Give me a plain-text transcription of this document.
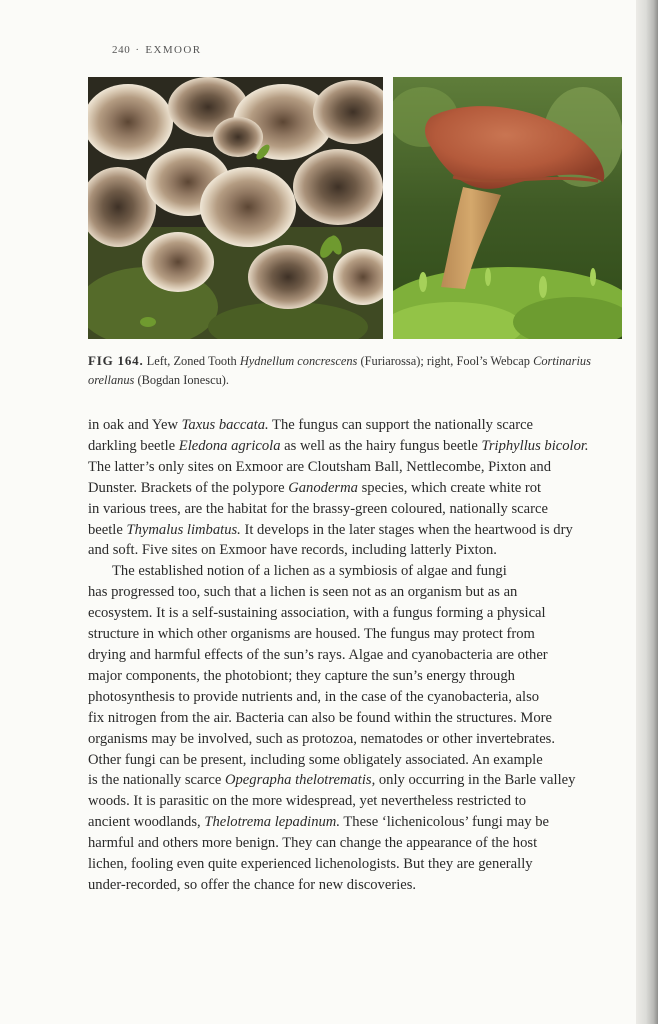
240 · EXMOOR
FIG 164. Left, Zoned Tooth Hydnellum concrescens (Furiarossa); right, Fool’s Webcap Cortinarius
orellanus (Bogdan Ionescu).
in oak and Yew Taxus baccata. The fungus can support the nationally scarce
darkling beetle Eledona agricola as well as the hairy fungus beetle Triphyllus bicolor.
The latter’s only sites on Exmoor are Cloutsham Ball, Nettlecombe, Pixton and
Dunster. Brackets of the polypore Ganoderma species, which create white rot
in various trees, are the habitat for the brassy-green coloured, nationally scarce
beetle Thymalus limbatus. It develops in the later stages when the heartwood is dry
and soft. Five sites on Exmoor have records, including latterly Pixton.
The established notion of a lichen as a symbiosis of algae and fungi
has progressed too, such that a lichen is seen not as an organism but as an
ecosystem. It is a self-sustaining association, with a fungus forming a physical
structure in which other organisms are housed. The fungus may protect from
drying and harmful effects of the sun’s rays. Algae and cyanobacteria are other
major components, the photobiont; they capture the sun’s energy through
photosynthesis to provide nutrients and, in the case of the cyanobacteria, also
fix nitrogen from the air. Bacteria can also be found within the structures. More
organisms may be involved, such as protozoa, nematodes or other invertebrates.
Other fungi can be present, including some obligately associated. An example
is the nationally scarce Opegrapha thelotrematis, only occurring in the Barle valley
woods. It is parasitic on the more widespread, yet nevertheless restricted to
ancient woodlands, Thelotrema lepadinum. These ‘lichenicolous’ fungi may be
harmful and others more benign. They can change the appearance of the host
lichen, fooling even quite experienced lichenologists. But they are generally
under-recorded, so offer the chance for new discoveries.
